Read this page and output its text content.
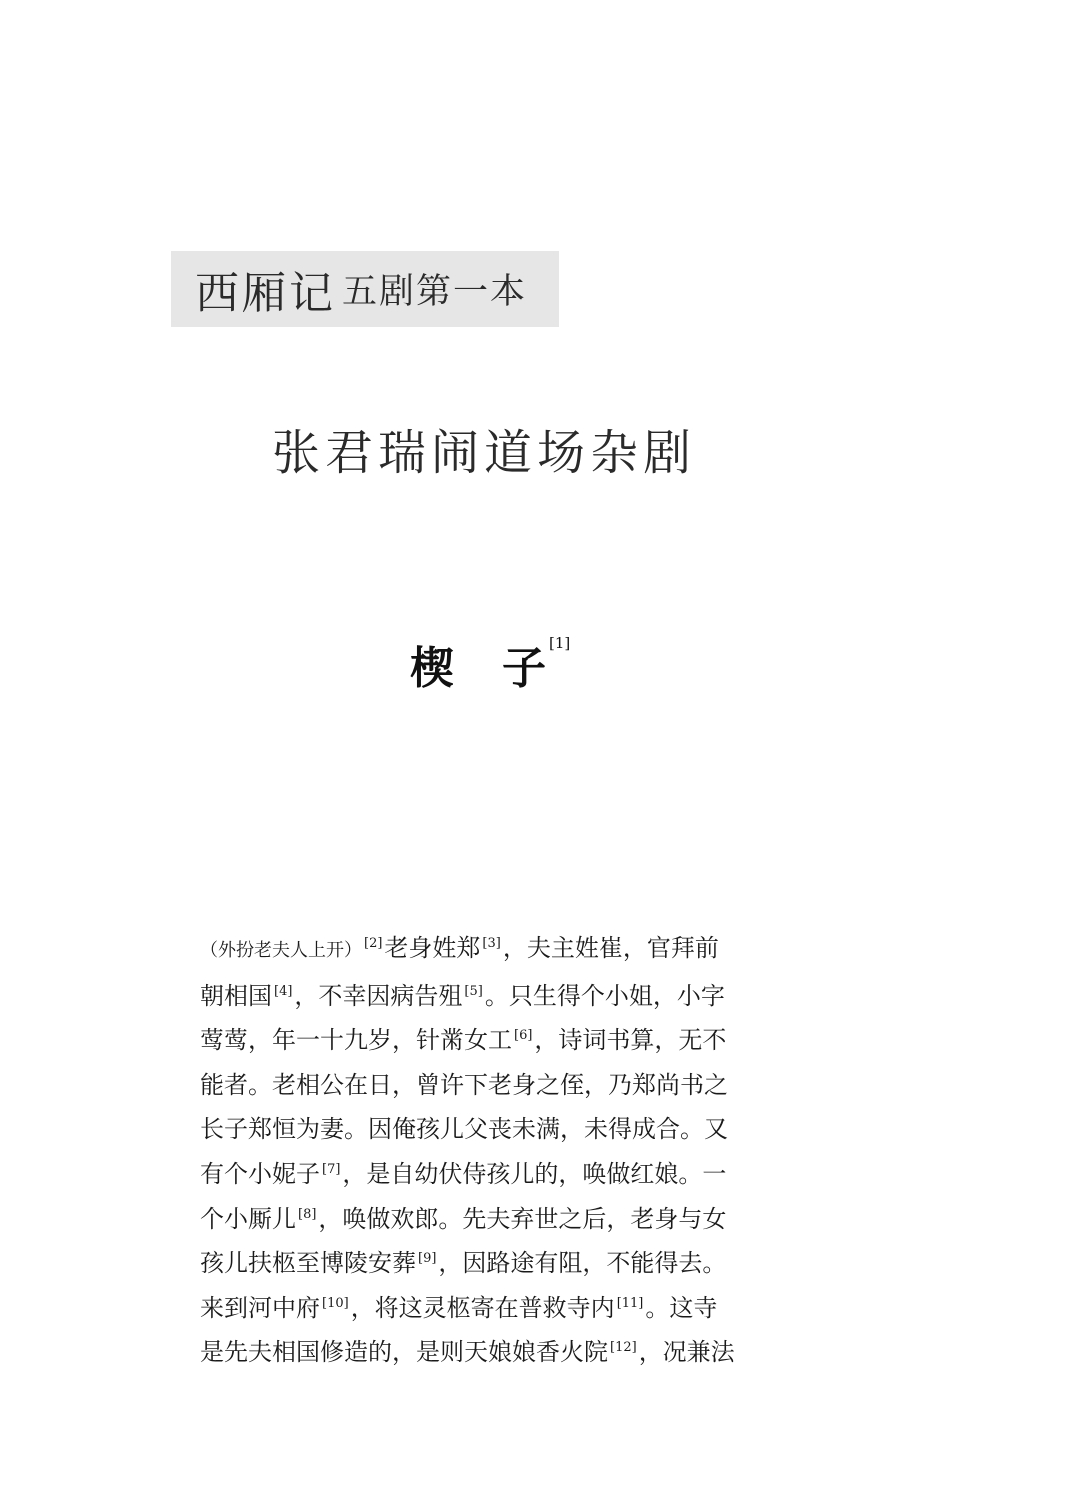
西厢记 五剧第一本
张君瑞闹道场杂剧
楔 子 [1]
（外扮老夫人上开） [2]老身姓郑 [3]，夫主姓崔，官拜前
朝相国 [4]，不幸因病告殂 [5]。只生得个小姐，小字
莺莺，年一十九岁，针黹女工 [6]，诗词书算，无不
能者。老相公在日，曾许下老身之侄，乃郑尚书之
长子郑恒为妻。因俺孩儿父丧未满，未得成合。又
有个小妮子 [7]，是自幼伏侍孩儿的，唤做红娘。一
个小厮儿 [8]，唤做欢郎。先夫弃世之后，老身与女
孩儿扶柩至博陵安葬 [9]，因路途有阻，不能得去。
来到河中府 [10]，将这灵柩寄在普救寺内 [11]。这寺
是先夫相国修造的，是则天娘娘香火院 [12]，况兼法
